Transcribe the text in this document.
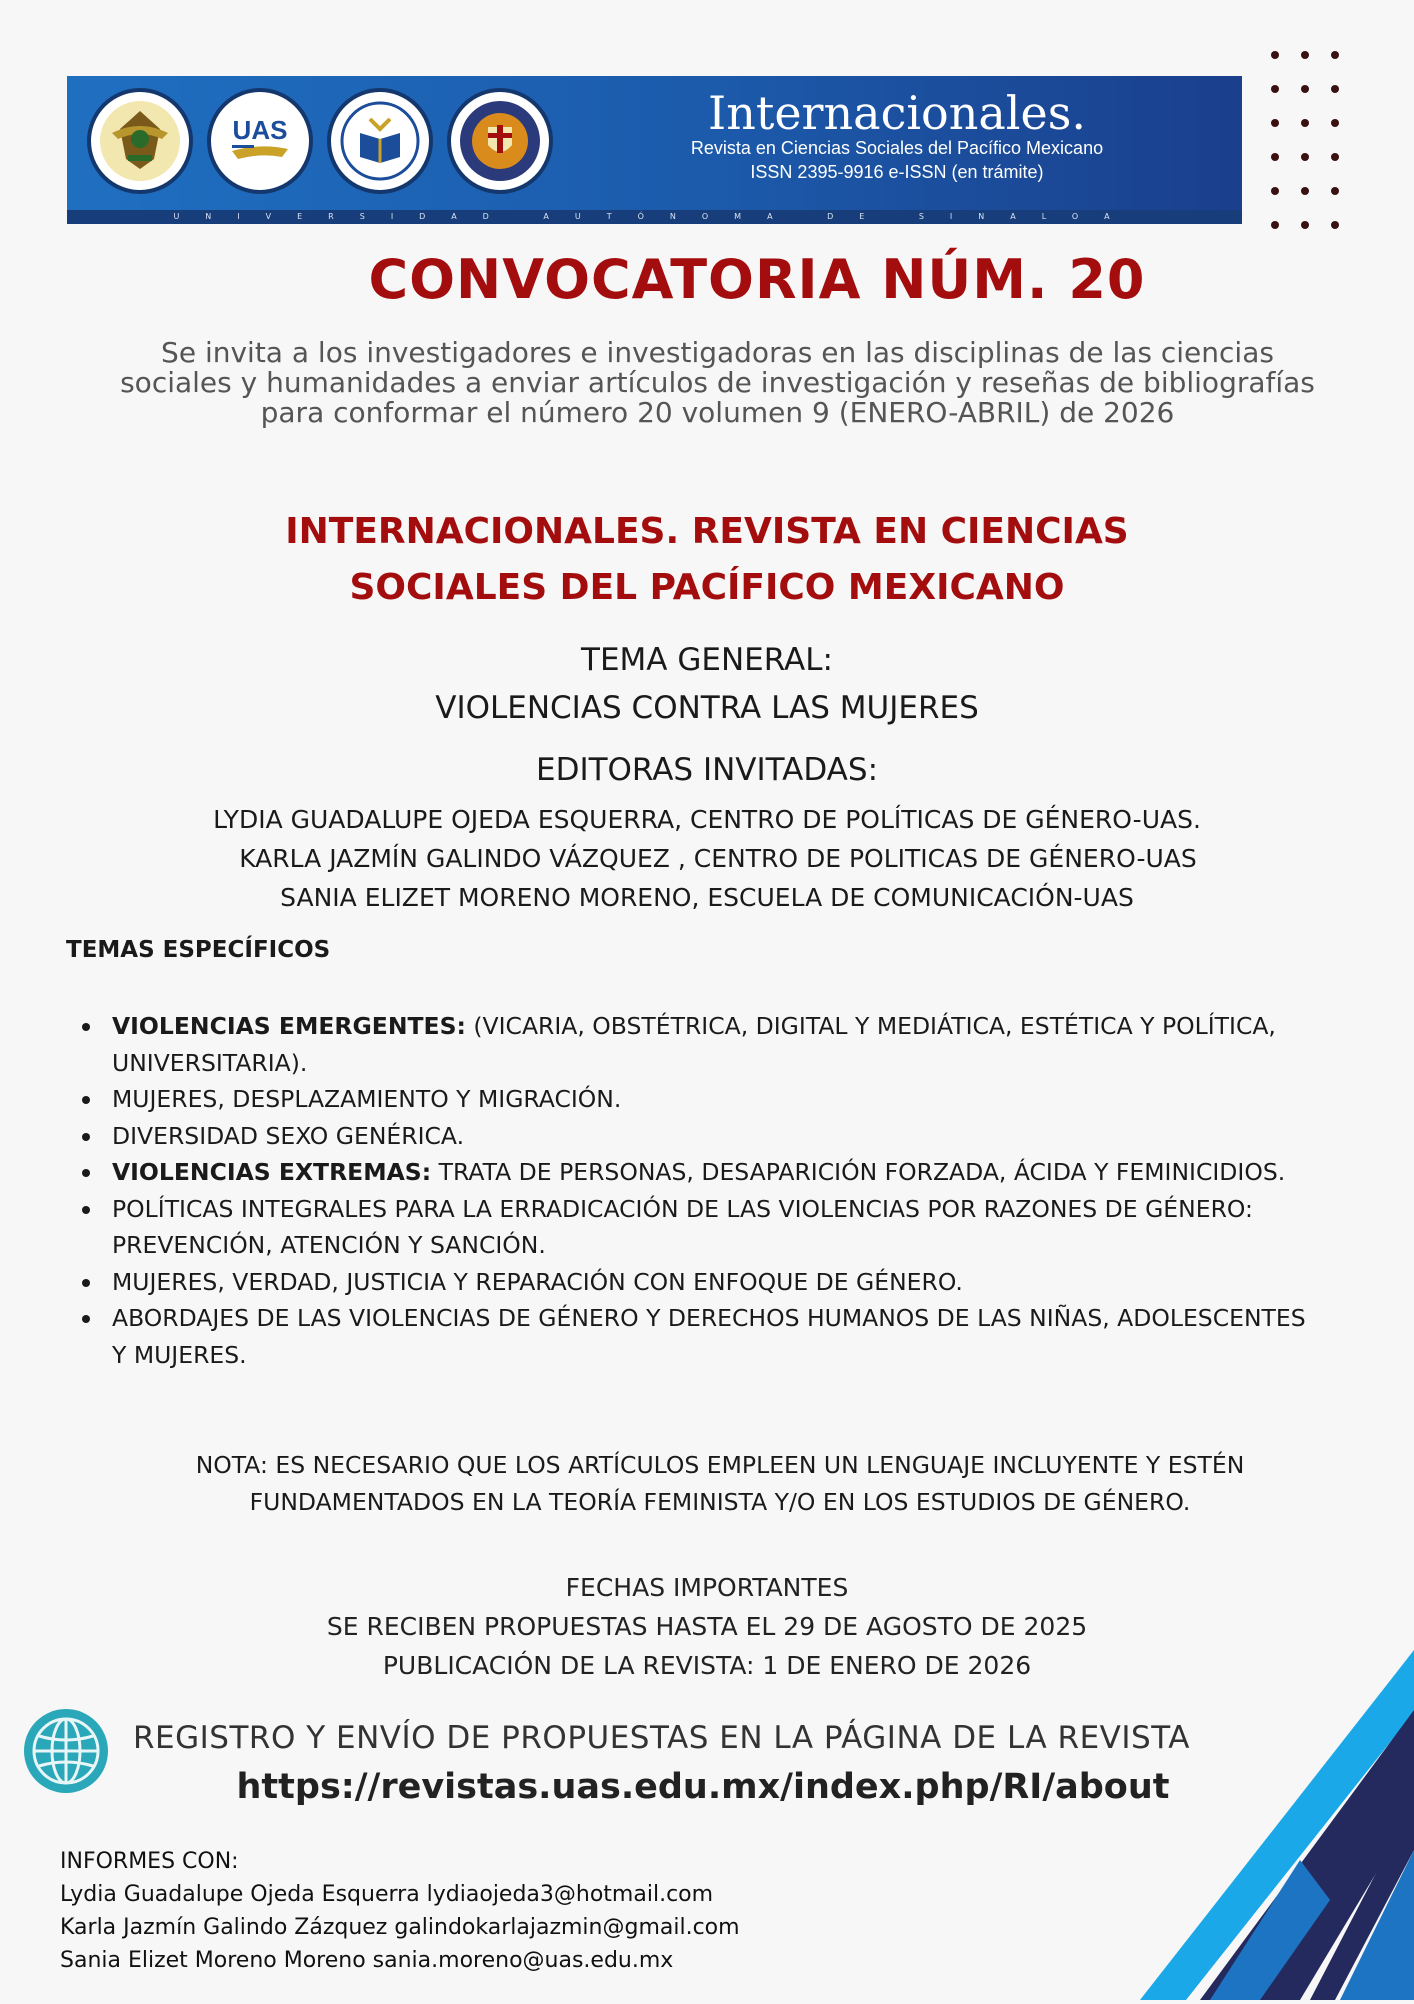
UAS	Internacionales.
Revista en Ciencias Sociales del Pacífico Mexicano
ISSN 2395-9916 e-ISSN (en trámite)
UNIVERSIDAD AUTÓNOMA DE SINALOA
CONVOCATORIA NÚM. 20
Se invita a los investigadores e investigadoras en las disciplinas de las ciencias sociales y humanidades a enviar artículos de investigación y reseñas de bibliografías para conformar el número 20 volumen 9 (ENERO-ABRIL) de 2026
INTERNACIONALES. REVISTA EN CIENCIAS
SOCIALES DEL PACÍFICO MEXICANO
TEMA GENERAL:
VIOLENCIAS CONTRA LAS MUJERES
EDITORAS INVITADAS:
LYDIA GUADALUPE OJEDA ESQUERRA, CENTRO DE POLÍTICAS DE GÉNERO-UAS.
KARLA JAZMÍN GALINDO VÁZQUEZ , CENTRO DE POLITICAS DE GÉNERO-UAS
SANIA ELIZET MORENO MORENO, ESCUELA DE COMUNICACIÓN-UAS
TEMAS ESPECÍFICOS
VIOLENCIAS EMERGENTES: (VICARIA, OBSTÉTRICA, DIGITAL Y MEDIÁTICA, ESTÉTICA Y POLÍTICA, UNIVERSITARIA).
MUJERES, DESPLAZAMIENTO Y MIGRACIÓN.
DIVERSIDAD SEXO GENÉRICA.
VIOLENCIAS EXTREMAS: TRATA DE PERSONAS, DESAPARICIÓN FORZADA, ÁCIDA Y FEMINICIDIOS.
POLÍTICAS INTEGRALES PARA LA ERRADICACIÓN DE LAS VIOLENCIAS POR RAZONES DE GÉNERO: PREVENCIÓN, ATENCIÓN Y SANCIÓN.
MUJERES, VERDAD, JUSTICIA Y REPARACIÓN CON ENFOQUE DE GÉNERO.
ABORDAJES DE LAS VIOLENCIAS DE GÉNERO Y DERECHOS HUMANOS DE LAS NIÑAS, ADOLESCENTES Y MUJERES.
NOTA: ES NECESARIO QUE LOS ARTÍCULOS EMPLEEN UN LENGUAJE INCLUYENTE Y ESTÉN
FUNDAMENTADOS EN LA TEORÍA FEMINISTA Y/O EN LOS ESTUDIOS DE GÉNERO.
FECHAS IMPORTANTES
SE RECIBEN PROPUESTAS HASTA EL 29 DE AGOSTO DE 2025
PUBLICACIÓN DE LA REVISTA: 1 DE ENERO DE 2026
REGISTRO Y ENVÍO DE PROPUESTAS EN LA PÁGINA DE LA REVISTA
https://revistas.uas.edu.mx/index.php/RI/about
INFORMES CON:
Lydia Guadalupe Ojeda Esquerra lydiaojeda3@hotmail.com
Karla Jazmín Galindo Zázquez galindokarlajazmin@gmail.com
Sania Elizet Moreno Moreno sania.moreno@uas.edu.mx
